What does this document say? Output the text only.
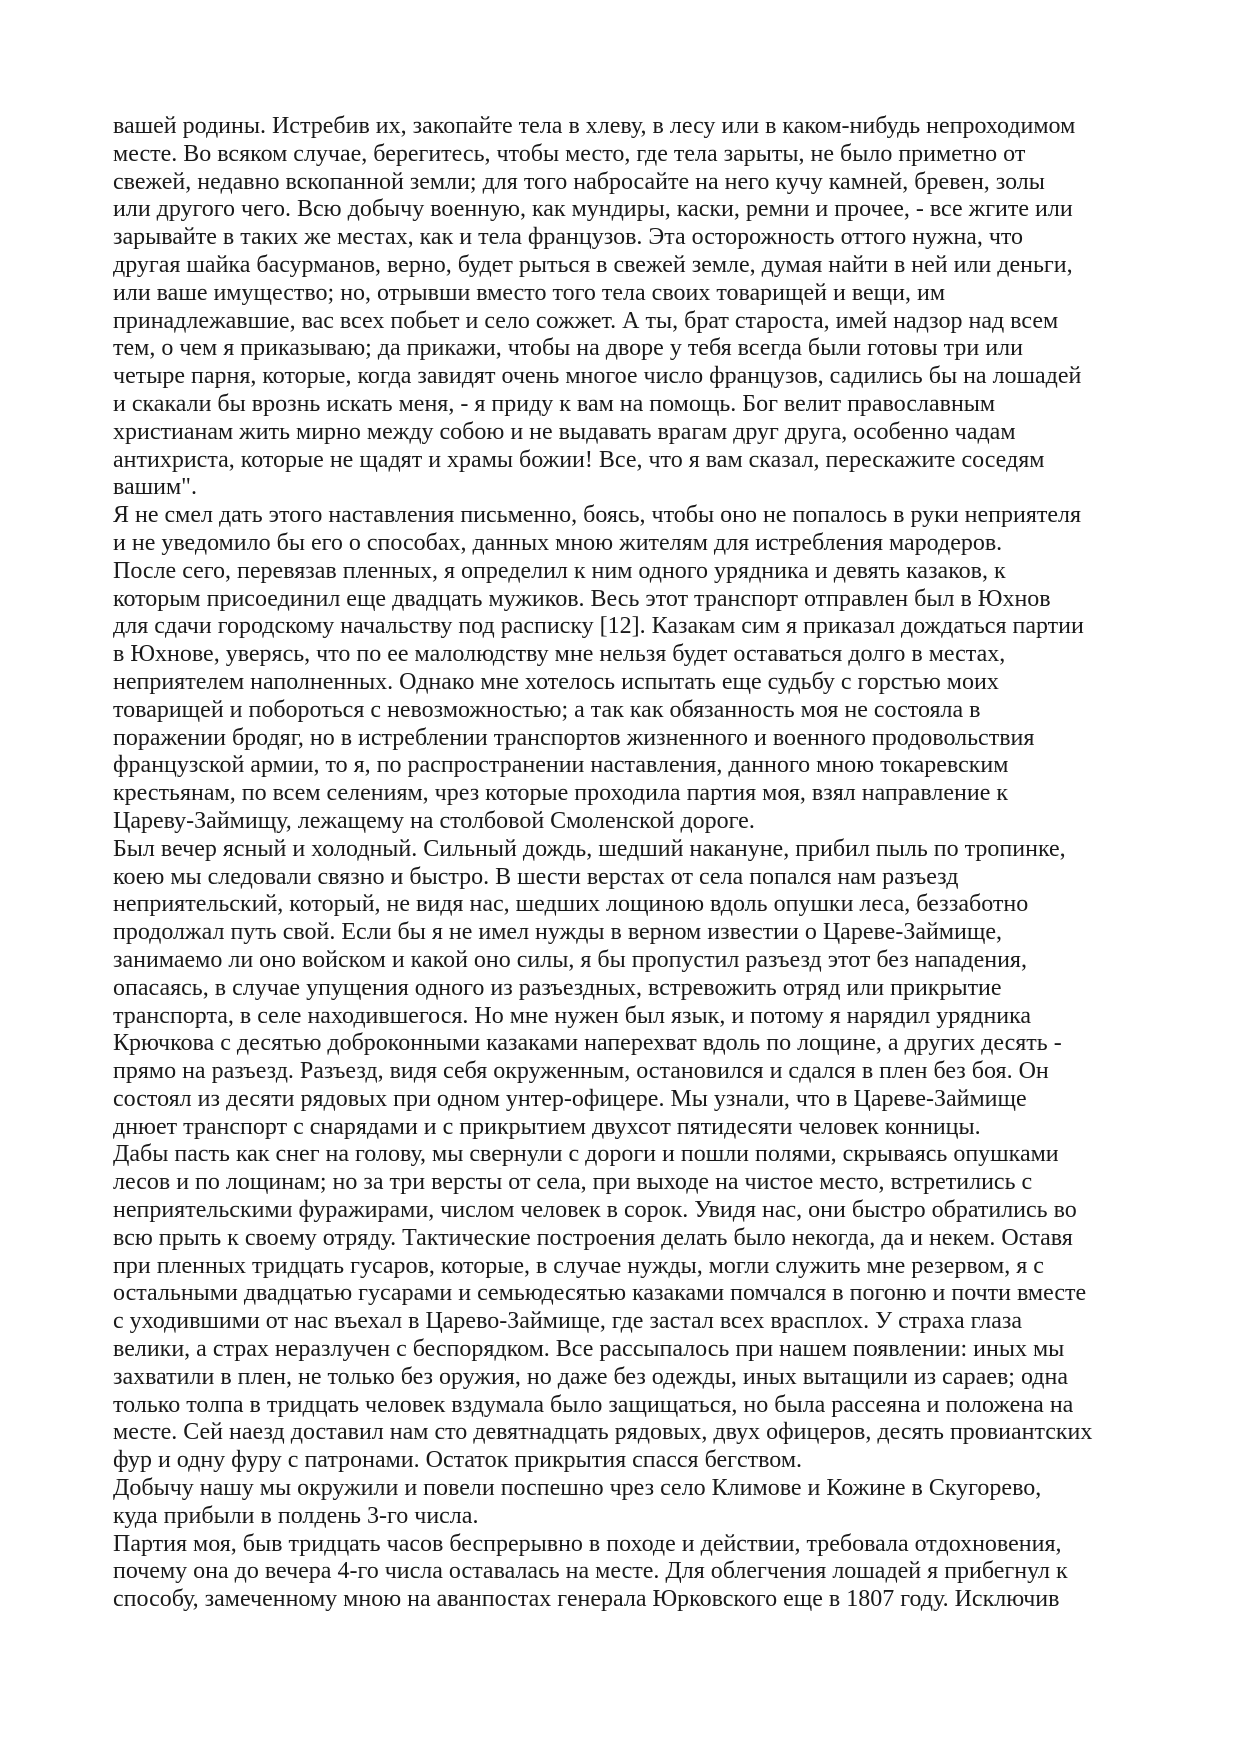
вашей родины. Истребив их, закопайте тела в хлеву, в лесу или в каком-нибудь непроходимом
месте. Во всяком случае, берегитесь, чтобы место, где тела зарыты, не было приметно от
свежей, недавно вскопанной земли; для того набросайте на него кучу камней, бревен, золы
или другого чего. Всю добычу военную, как мундиры, каски, ремни и прочее, - все жгите или
зарывайте в таких же местах, как и тела французов. Эта осторожность оттого нужна, что
другая шайка басурманов, верно, будет рыться в свежей земле, думая найти в ней или деньги,
или ваше имущество; но, отрывши вместо того тела своих товарищей и вещи, им
принадлежавшие, вас всех побьет и село сожжет. А ты, брат староста, имей надзор над всем
тем, о чем я приказываю; да прикажи, чтобы на дворе у тебя всегда были готовы три или
четыре парня, которые, когда завидят очень многое число французов, садились бы на лошадей
и скакали бы врознь искать меня, - я приду к вам на помощь. Бог велит православным
христианам жить мирно между собою и не выдавать врагам друг друга, особенно чадам
антихриста, которые не щадят и храмы божии! Все, что я вам сказал, перескажите соседям
вашим".
Я не смел дать этого наставления письменно, боясь, чтобы оно не попалось в руки неприятеля
и не уведомило бы его о способах, данных мною жителям для истребления мародеров.
После сего, перевязав пленных, я определил к ним одного урядника и девять казаков, к
которым присоединил еще двадцать мужиков. Весь этот транспорт отправлен был в Юхнов
для сдачи городскому начальству под расписку [12]. Казакам сим я приказал дождаться партии
в Юхнове, уверясь, что по ее малолюдству мне нельзя будет оставаться долго в местах,
неприятелем наполненных. Однако мне хотелось испытать еще судьбу с горстью моих
товарищей и побороться с невозможностью; а так как обязанность моя не состояла в
поражении бродяг, но в истреблении транспортов жизненного и военного продовольствия
французской армии, то я, по распространении наставления, данного мною токаревским
крестьянам, по всем селениям, чрез которые проходила партия моя, взял направление к
Цареву-Займищу, лежащему на столбовой Смоленской дороге.
Был вечер ясный и холодный. Сильный дождь, шедший накануне, прибил пыль по тропинке,
коею мы следовали связно и быстро. В шести верстах от села попался нам разъезд
неприятельский, который, не видя нас, шедших лощиною вдоль опушки леса, беззаботно
продолжал путь свой. Если бы я не имел нужды в верном известии о Цареве-Займище,
занимаемо ли оно войском и какой оно силы, я бы пропустил разъезд этот без нападения,
опасаясь, в случае упущения одного из разъездных, встревожить отряд или прикрытие
транспорта, в селе находившегося. Но мне нужен был язык, и потому я нарядил урядника
Крючкова с десятью доброконными казаками наперехват вдоль по лощине, а других десять -
прямо на разъезд. Разъезд, видя себя окруженным, остановился и сдался в плен без боя. Он
состоял из десяти рядовых при одном унтер-офицере. Мы узнали, что в Цареве-Займище
днюет транспорт с снарядами и с прикрытием двухсот пятидесяти человек конницы.
Дабы пасть как снег на голову, мы свернули с дороги и пошли полями, скрываясь опушками
лесов и по лощинам; но за три версты от села, при выходе на чистое место, встретились с
неприятельскими фуражирами, числом человек в сорок. Увидя нас, они быстро обратились во
всю прыть к своему отряду. Тактические построения делать было некогда, да и некем. Оставя
при пленных тридцать гусаров, которые, в случае нужды, могли служить мне резервом, я с
остальными двадцатью гусарами и семьюдесятью казаками помчался в погоню и почти вместе
с уходившими от нас въехал в Царево-Займище, где застал всех врасплох. У страха глаза
велики, а страх неразлучен с беспорядком. Все рассыпалось при нашем появлении: иных мы
захватили в плен, не только без оружия, но даже без одежды, иных вытащили из сараев; одна
только толпа в тридцать человек вздумала было защищаться, но была рассеяна и положена на
месте. Сей наезд доставил нам сто девятнадцать рядовых, двух офицеров, десять провиантских
фур и одну фуру с патронами. Остаток прикрытия спасся бегством.
Добычу нашу мы окружили и повели поспешно чрез село Климове и Кожине в Скугорево,
куда прибыли в полдень 3-го числа.
Партия моя, быв тридцать часов беспрерывно в походе и действии, требовала отдохновения,
почему она до вечера 4-го числа оставалась на месте. Для облегчения лошадей я прибегнул к
способу, замеченному мною на аванпостах генерала Юрковского еще в 1807 году. Исключив
